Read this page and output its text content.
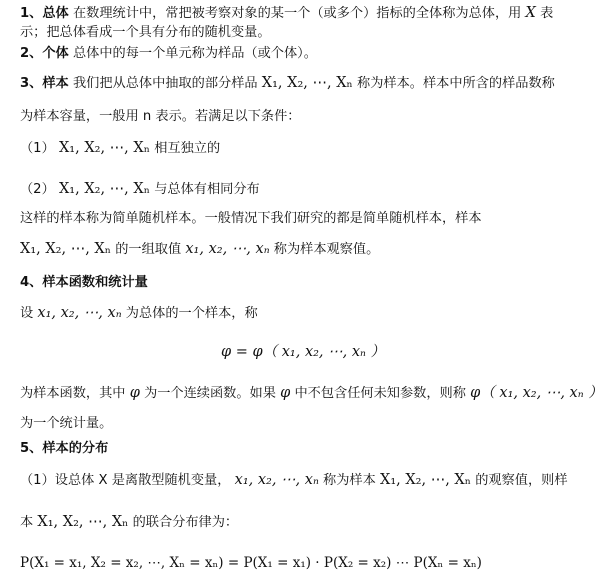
1、总体 在数理统计中，常把被考察对象的某一个（或多个）指标的全体称为总体，用 X 表
示；把总体看成一个具有分布的随机变量。
2、个体 总体中的每一个单元称为样品（或个体）。
3、样本 我们把从总体中抽取的部分样品 X₁, X₂, ⋯, Xₙ 称为样本。样本中所含的样品数称
为样本容量，一般用 n 表示。若满足以下条件：
（1） X₁, X₂, ⋯, Xₙ 相互独立的
（2） X₁, X₂, ⋯, Xₙ 与总体有相同分布
这样的样本称为简单随机样本。一般情况下我们研究的都是简单随机样本，样本
X₁, X₂, ⋯, Xₙ 的一组取值 x₁, x₂, ⋯, xₙ 称为样本观察值。
4、样本函数和统计量
设 x₁, x₂, ⋯, xₙ 为总体的一个样本，称
φ = φ（ x₁, x₂, ⋯, xₙ ）
为样本函数，其中 φ 为一个连续函数。如果 φ 中不包含任何未知参数，则称 φ（ x₁, x₂, ⋯, xₙ ）
为一个统计量。
5、样本的分布
（1）设总体 X 是离散型随机变量， x₁, x₂, ⋯, xₙ 称为样本 X₁, X₂, ⋯, Xₙ 的观察值，则样
本 X₁, X₂, ⋯, Xₙ 的联合分布律为：
P(X₁ = x₁, X₂ = x₂, ⋯, Xₙ = xₙ) = P(X₁ = x₁) · P(X₂ = x₂) ⋯ P(Xₙ = xₙ)
